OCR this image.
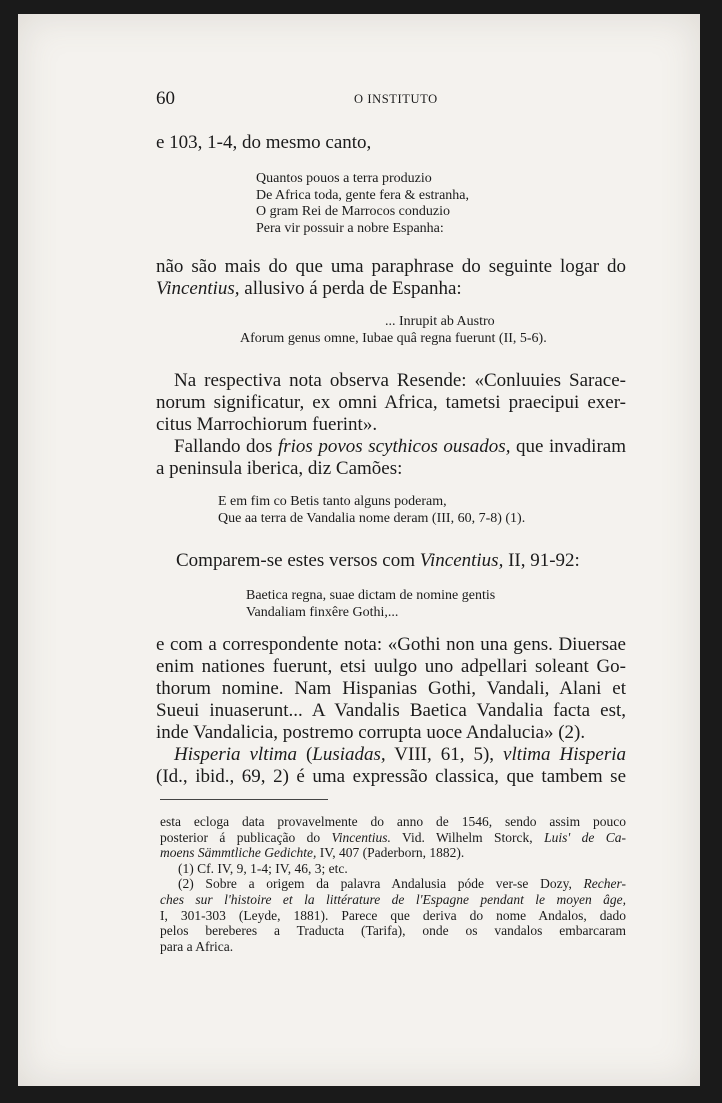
60	O INSTITUTO
e 103, 1-4, do mesmo canto,
Quantos pouos a terra produzio
De Africa toda, gente fera & estranha,
O gram Rei de Marrocos conduzio
Pera vir possuir a nobre Espanha:
não são mais do que uma paraphrase do seguinte logar do
Vincentius, allusivo á perda de Espanha:
... Inrupit ab Austro
Aforum genus omne, Iubae quâ regna fuerunt (II, 5-6).
Na respectiva nota observa Resende: «Conluuies Sarace-
norum significatur, ex omni Africa, tametsi praecipui exer-
citus Marrochiorum fuerint».
Fallando dos frios povos scythicos ousados, que invadiram
a peninsula iberica, diz Camões:
E em fim co Betis tanto alguns poderam,
Que aa terra de Vandalia nome deram (III, 60, 7-8) (1).
Comparem-se estes versos com Vincentius, II, 91-92:
Baetica regna, suae dictam de nomine gentis
Vandaliam finxêre Gothi,...
e com a correspondente nota: «Gothi non una gens. Diuersae
enim nationes fuerunt, etsi uulgo uno adpellari soleant Go-
thorum nomine. Nam Hispanias Gothi, Vandali, Alani et
Sueui inuaserunt... A Vandalis Baetica Vandalia facta est,
inde Vandalicia, postremo corrupta uoce Andalucia» (2).
Hisperia vltima (Lusiadas, VIII, 61, 5), vltima Hisperia
(Id., ibid., 69, 2) é uma expressão classica, que tambem se
esta ecloga data provavelmente do anno de 1546, sendo assim pouco
posterior á publicação do Vincentius. Vid. Wilhelm Storck, Luis' de Ca-
moens Sämmtliche Gedichte, IV, 407 (Paderborn, 1882).
(1) Cf. IV, 9, 1-4; IV, 46, 3; etc.
(2) Sobre a origem da palavra Andalusia póde ver-se Dozy, Recher-
ches sur l'histoire et la littérature de l'Espagne pendant le moyen âge,
I, 301-303 (Leyde, 1881). Parece que deriva do nome Andalos, dado
pelos bereberes a Traducta (Tarifa), onde os vandalos embarcaram
para a Africa.
